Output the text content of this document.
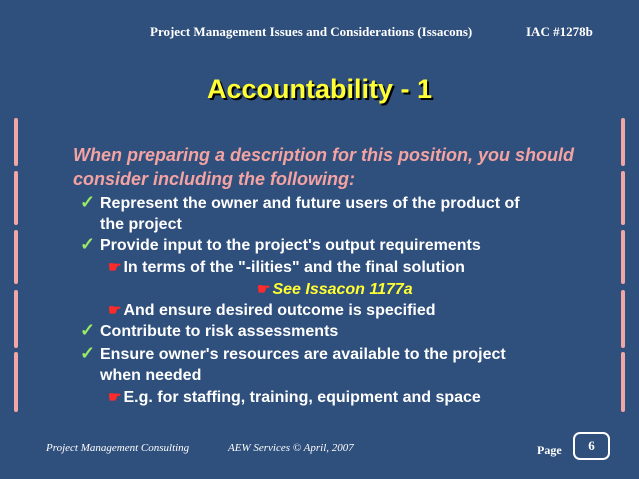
Project Management Issues and Considerations (Issacons)	IAC #1278b
Accountability - 1
When preparing a description for this position, you should consider including the following:
✓ Represent the owner and future users of the product of
the project
✓ Provide input to the project's output requirements
☛ In terms of the "-ilities" and the final solution
☛ See Issacon 1177a
☛ And ensure desired outcome is specified
✓ Contribute to risk assessments
✓ Ensure owner's resources are available to the project
when needed
☛ E.g. for staffing, training, equipment and space
Project Management Consulting	AEW Services © April, 2007	Page	6
